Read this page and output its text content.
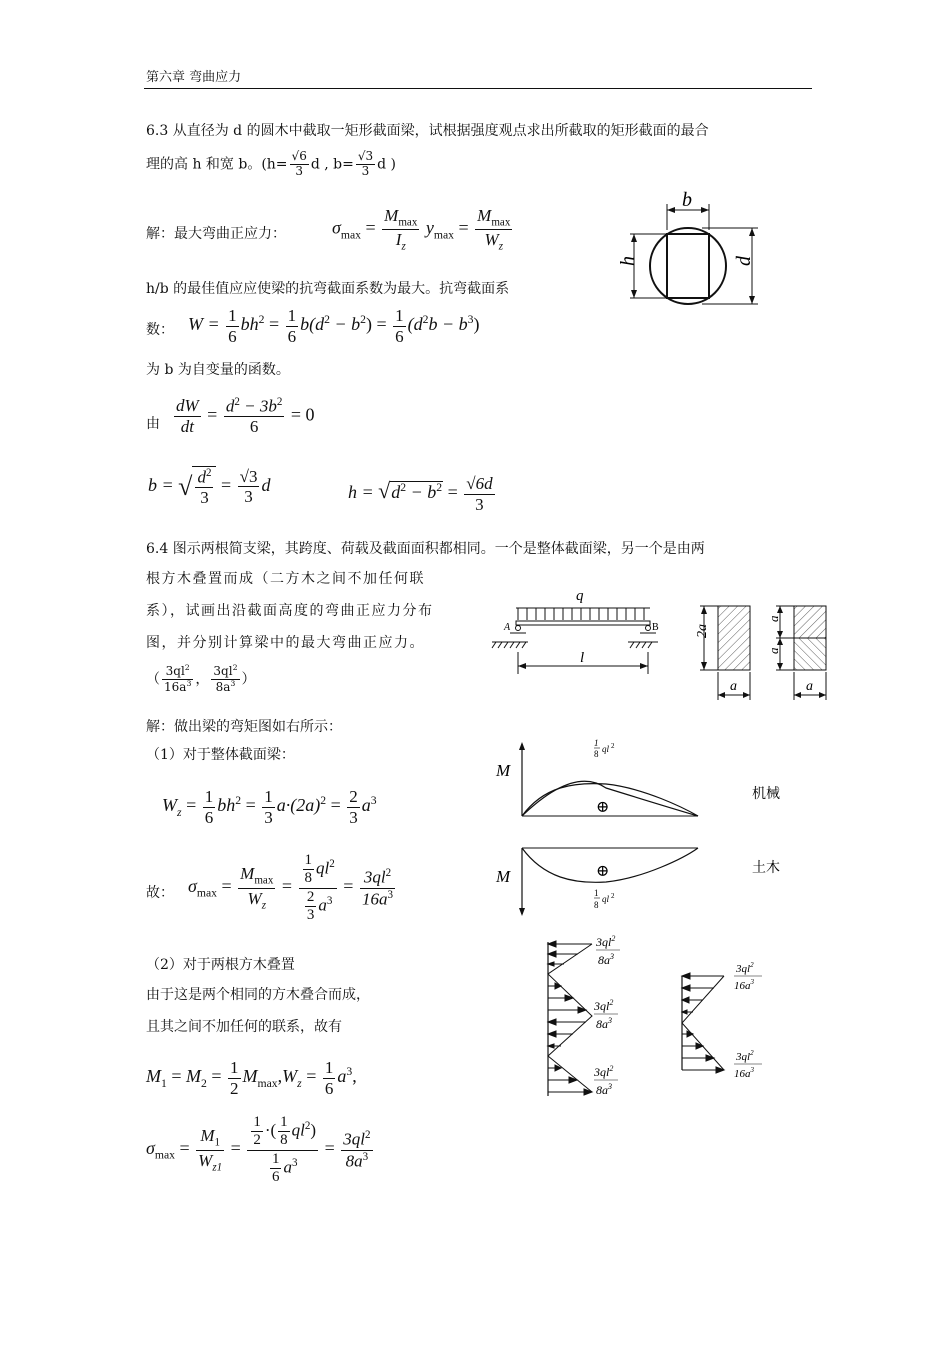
第六章 弯曲应力
6.3 从直径为 d 的圆木中截取一矩形截面梁，试根据强度观点求出所截取的矩形截面的最合
理的高 h 和宽 b。($h= \frac{√6}{3}$ d , $b= \frac{√3}{3}$ d )
解：最大弯曲正应力：	$\sigma_{max} = \frac{M_{max}}{I_z} y_{max} = \frac{M_{max}}{W_z}$
b
h	d
h/b 的最佳值应应使梁的抗弯截面系数为最大。抗弯截面系
数： $W = \frac{1}{6} bh^2 = \frac{1}{6} b(d^2 - b^2) = \frac{1}{6} (d^2b - b^3)$
为 b 为自变量的函数。
由 $\frac{dW}{dt} = \frac{d^2 - 3b^2}{6} = 0$
b = √ $\frac{d^2}{3} = \frac{√3}{3}$ d	$h = √d^2 - b^2 = \frac{√6d}{3}$
6.4 图示两根简支梁，其跨度、荷载及截面面积都相同。一个是整体截面梁，另一个是由两
根方木叠置而成（二方木之间不加任何联
系），试画出沿截面高度的弯曲正应力分布
图，并分别计算梁中的最大弯曲正应力。
（ $\frac{3ql^2}{16a^3}$ ， $\frac{3ql^2}{8a^3}$ ）
q
A	B
l
2a
a
a
a
a
解：做出梁的弯矩图如右所示：
（1）对于整体截面梁：
$W_z = \frac{1}{6} bh^2 = \frac{1}{3} a\cdot(2a)^2 = \frac{2}{3} a^3$
故： $\sigma_{max} = \frac{M_{max}}{W_z} = \frac{\frac{1}{8} ql^2}{\frac{2}{3} a^3} = \frac{3ql^2}{16a^3}$
M
⊕
1
8 ql 2
机械
M	⊕
1
8
ql 2
土木
（2）对于两根方木叠置
由于这是两个相同的方木叠合而成，
且其之间不加任何的联系，故有
$M_1 = M_2 = \frac{1}{2} M_{max},W_z = \frac{1}{6} a^3$,
$\sigma_{max} = \frac{M_1}{W_{z1}} = \frac{\frac{1}{2} \cdot( \frac{1}{8} ql^2)}{\frac{1}{6} a^3} = \frac{3ql^2}{8a^3}$
$3ql^2$
$8a^3$
$3ql^2$
$8a^3$
$3ql^2$
$8a^3$
$3ql^2$
$16a^3$
$3ql^2$
$16a^3$
